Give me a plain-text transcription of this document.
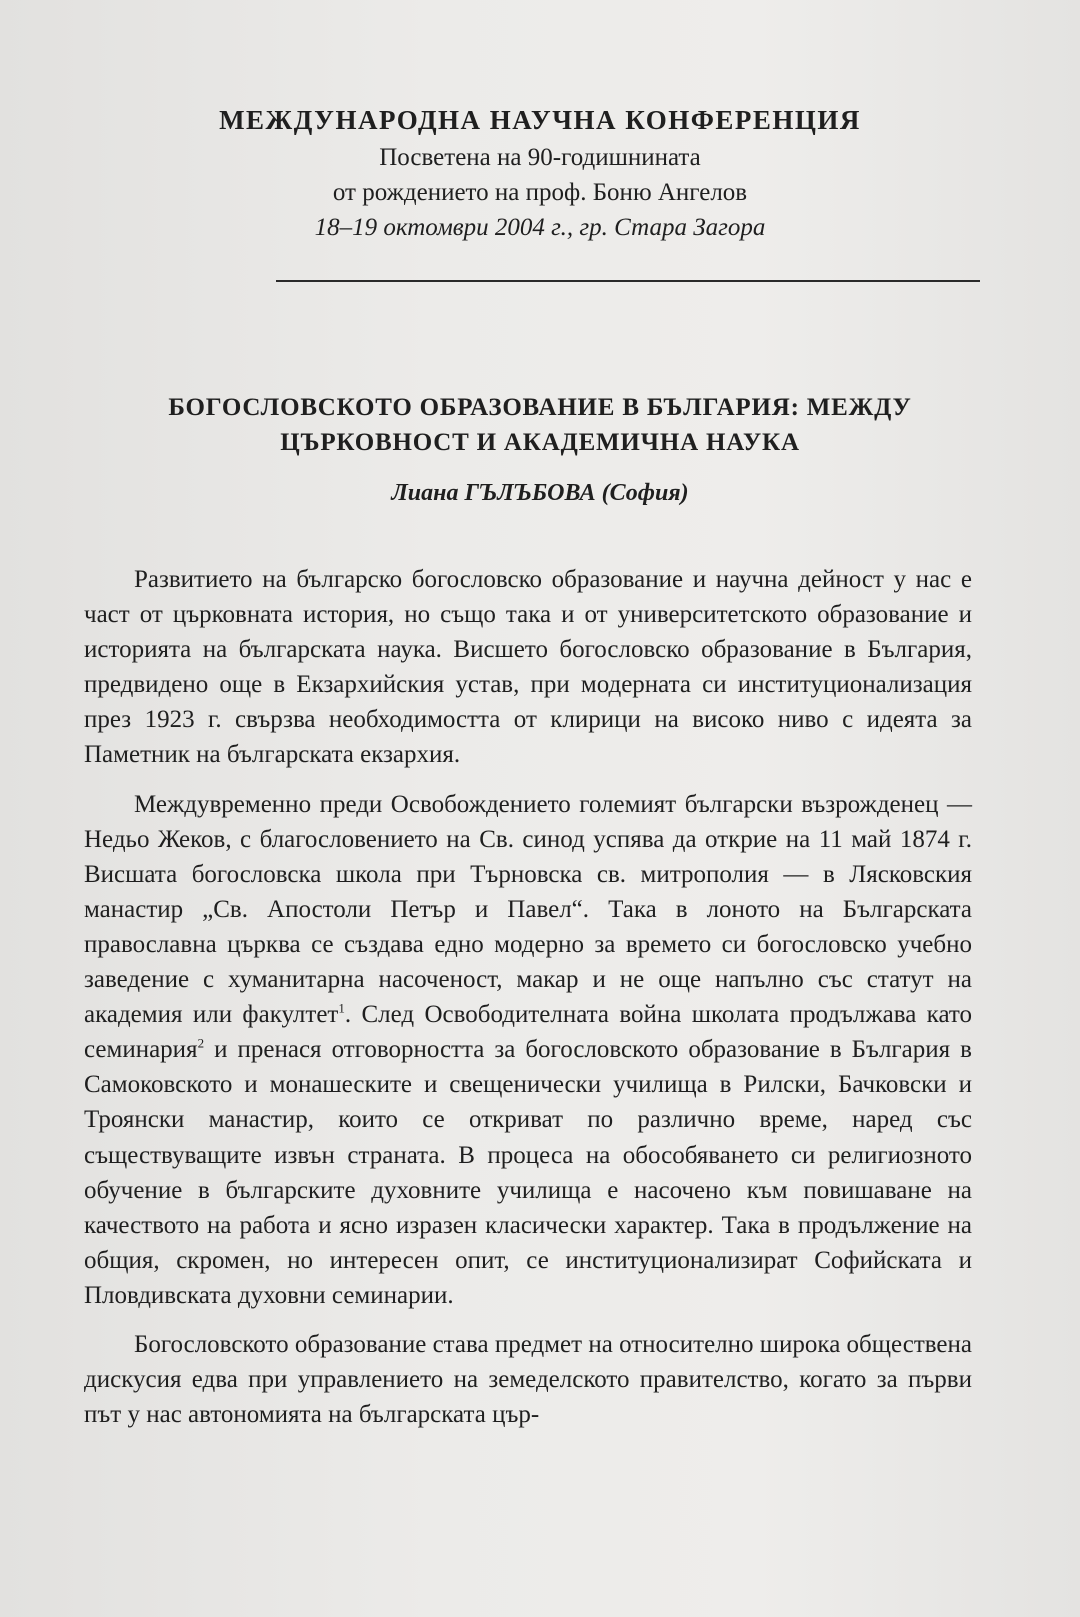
МЕЖДУНАРОДНА НАУЧНА КОНФЕРЕНЦИЯ

Посветена на 90-годишнината

от рождението на проф. Боню Ангелов

18–19 октомври 2004 г., гр. Стара Загора

БОГОСЛОВСКОТО ОБРАЗОВАНИЕ В БЪЛГАРИЯ: МЕЖДУ
ЦЪРКОВНОСТ И АКАДЕМИЧНА НАУКА

Лиана ГЪЛЪБОВА (София)

Развитието на българско богословско образование и научна дейност у нас е част от църковната история, но също така и от университетското образование и историята на българската наука. Висшето богословско образование в България, предвидено още в Екзархийския устав, при модерната си институционализация през 1923 г. свързва необходимостта от клирици на високо ниво с идеята за Паметник на българската екзархия.

Междувременно преди Освобождението големият български възрожденец — Недьо Жеков, с благословението на Св. синод успява да открие на 11 май 1874 г. Висшата богословска школа при Търновска св. митрополия — в Лясковския манастир „Св. Апостоли Петър и Павел“. Така в лоното на Българската православна църква се създава едно модерно за времето си богословско учебно заведение с хуманитарна насоченост, макар и не още напълно със статут на академия или факултет$^1$. След Освободителната война школата продължава като семинария$^2$ и пренася отговорността за богословското образование в България в Самоковското и монашеските и свещенически училища в Рилски, Бачковски и Троянски манастир, които се откриват по различно време, наред със съществуващите извън страната. В процеса на обособяването си религиозното обучение в българските духовните училища е насочено към повишаване на качеството на работа и ясно изразен класически характер. Така в продължение на общия, скромен, но интересен опит, се институционализират Софийската и Пловдивската духовни семинарии.

Богословското образование става предмет на относително широка обществена дискусия едва при управлението на земеделското правителство, когато за първи път у нас автономията на българската цър-
